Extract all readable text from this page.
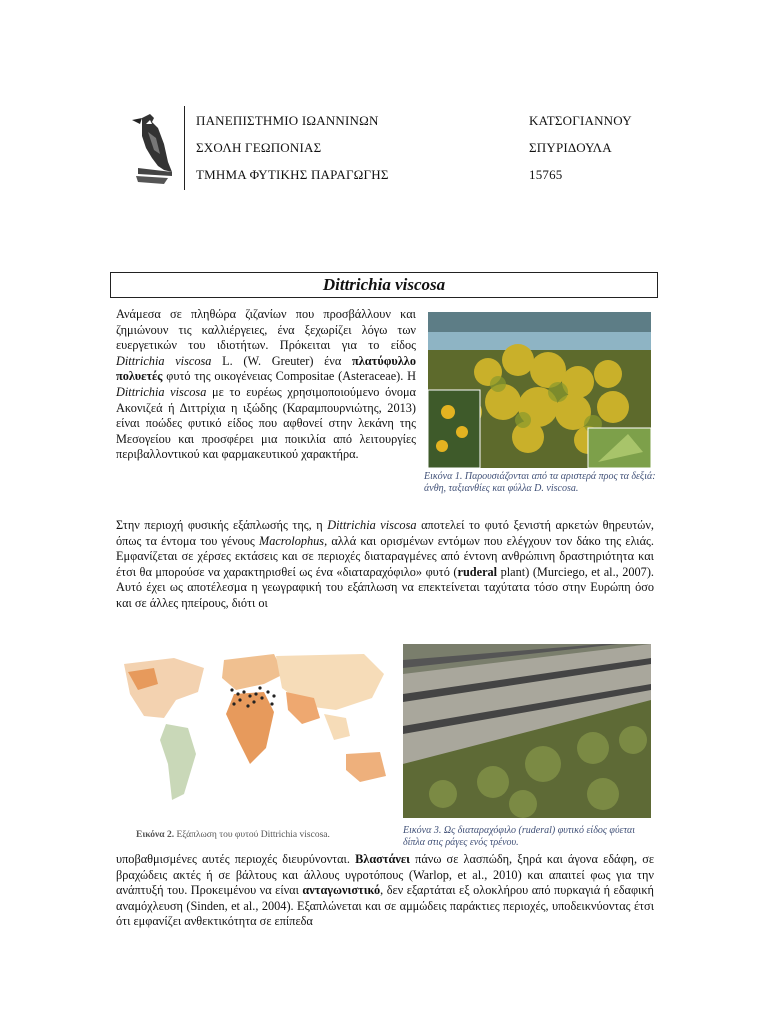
ΠΑΝΕΠΙΣΤΗΜΙΟ ΙΩΑΝΝΙΝΩΝ
ΣΧΟΛΗ ΓΕΩΠΟΝΙΑΣ
ΤΜΗΜΑ ΦΥΤΙΚΗΣ ΠΑΡΑΓΩΓΗΣ
ΚΑΤΣΟΓΙΑΝΝΟΥ
ΣΠΥΡΙΔΟΥΛΑ
15765
Dittrichia viscosa
Ανάμεσα σε πληθώρα ζιζανίων που προσβάλλουν και ζημιώνουν τις καλλιέργειες, ένα ξεχωρίζει λόγω των ευεργετικών του ιδιοτήτων. Πρόκειται για το είδος Dittrichia viscosa L. (W. Greuter) ένα πλατύφυλλο πολυετές φυτό της οικογένειας Compositae (Asteraceae). Η Dittrichia viscosa με το ευρέως χρησιμοποιούμενο όνομα Ακονιζεά ή Διττρίχια η ιξώδης (Καραμπουρνιώτης, 2013) είναι ποώδες φυτικό είδος που αφθονεί στην λεκάνη της Μεσογείου και προσφέρει μια ποικιλία από λειτουργίες περιβαλλοντικού και φαρμακευτικού χαρακτήρα.
Εικόνα 1. Παρουσιάζονται από τα αριστερά προς τα δεξιά: άνθη, ταξιανθίες και φύλλα D. viscosa.
Στην περιοχή φυσικής εξάπλωσής της, η Dittrichia viscosa αποτελεί το φυτό ξενιστή αρκετών θηρευτών, όπως τα έντομα του γένους Macrolophus, αλλά και ορισμένων εντόμων που ελέγχουν τον δάκο της ελιάς. Εμφανίζεται σε χέρσες εκτάσεις και σε περιοχές διαταραγμένες από έντονη ανθρώπινη δραστηριότητα και έτσι θα μπορούσε να χαρακτηρισθεί ως ένα «διαταραχόφιλο» φυτό (ruderal plant) (Murciego, et al., 2007). Αυτό έχει ως αποτέλεσμα η γεωγραφική του εξάπλωση να επεκτείνεται ταχύτατα τόσο στην Ευρώπη όσο και σε άλλες ηπείρους, διότι οι
Εικόνα 2. Εξάπλωση του φυτού Dittrichia viscosa.	Εικόνα 3. Ως διαταραχόφιλο (ruderal) φυτικό είδος φύεται δίπλα στις ράγες ενός τρένου.
υποβαθμισμένες αυτές περιοχές διευρύνονται. Βλαστάνει πάνω σε λασπώδη, ξηρά και άγονα εδάφη, σε βραχώδεις ακτές ή σε βάλτους και άλλους υγροτόπους (Warlop, et al., 2010) και απαιτεί φως για την ανάπτυξή του. Προκειμένου να είναι ανταγωνιστικό, δεν εξαρτάται εξ ολοκλήρου από πυρκαγιά ή εδαφική αναμόχλευση (Sinden, et al., 2004). Εξαπλώνεται και σε αμμώδεις παράκτιες περιοχές, υποδεικνύοντας έτσι ότι εμφανίζει ανθεκτικότητα σε επίπεδα
